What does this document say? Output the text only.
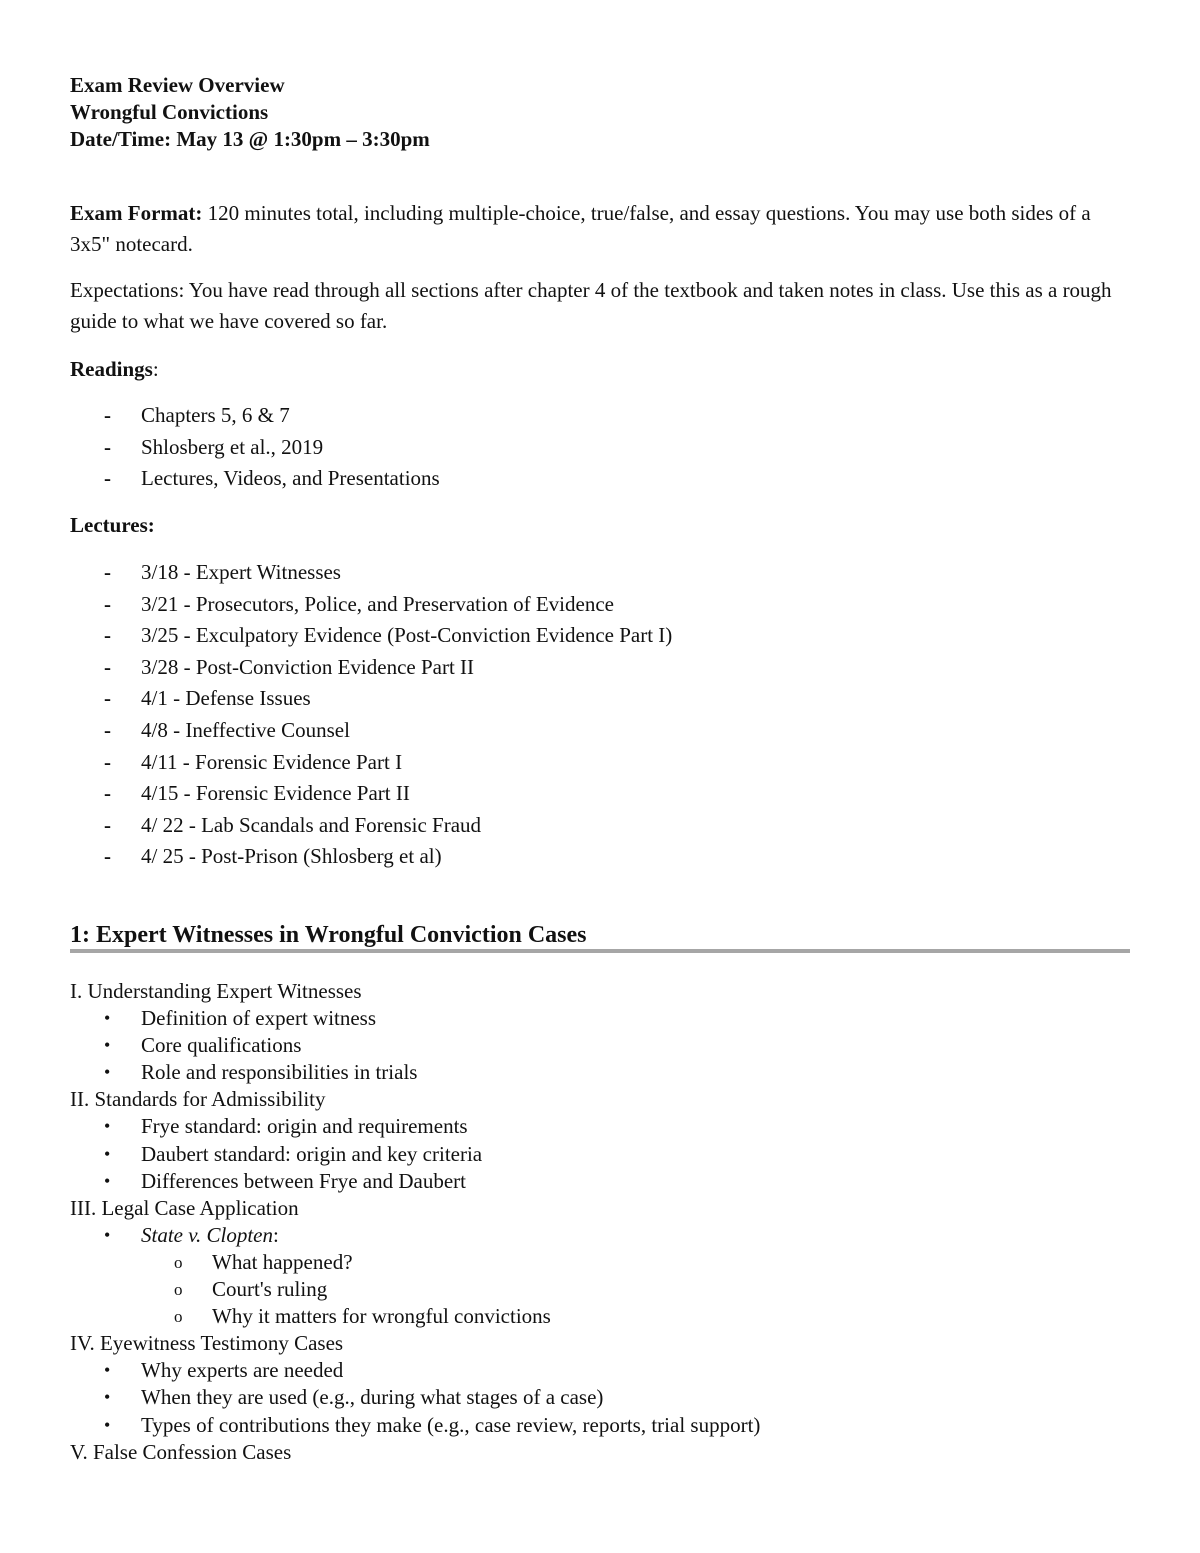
Exam Review Overview
Wrongful Convictions
Date/Time: May 13 @ 1:30pm – 3:30pm
Exam Format: 120 minutes total, including multiple-choice, true/false, and essay questions. You may use both sides of a 3x5" notecard.
Expectations: You have read through all sections after chapter 4 of the textbook and taken notes in class. Use this as a rough guide to what we have covered so far.
Readings:
- Chapters 5, 6 & 7
- Shlosberg et al., 2019
- Lectures, Videos, and Presentations
Lectures:
- 3/18 - Expert Witnesses
- 3/21 - Prosecutors, Police, and Preservation of Evidence
- 3/25 - Exculpatory Evidence (Post-Conviction Evidence Part I)
- 3/28 - Post-Conviction Evidence Part II
- 4/1 - Defense Issues
- 4/8 - Ineffective Counsel
- 4/11 - Forensic Evidence Part I
- 4/15 - Forensic Evidence Part II
- 4/ 22 - Lab Scandals and Forensic Fraud
- 4/ 25 - Post-Prison (Shlosberg et al)
1: Expert Witnesses in Wrongful Conviction Cases
I. Understanding Expert Witnesses
• Definition of expert witness
• Core qualifications
• Role and responsibilities in trials
II. Standards for Admissibility
• Frye standard: origin and requirements
• Daubert standard: origin and key criteria
• Differences between Frye and Daubert
III. Legal Case Application
• State v. Clopten:
o What happened?
o Court's ruling
o Why it matters for wrongful convictions
IV. Eyewitness Testimony Cases
• Why experts are needed
• When they are used (e.g., during what stages of a case)
• Types of contributions they make (e.g., case review, reports, trial support)
V. False Confession Cases
